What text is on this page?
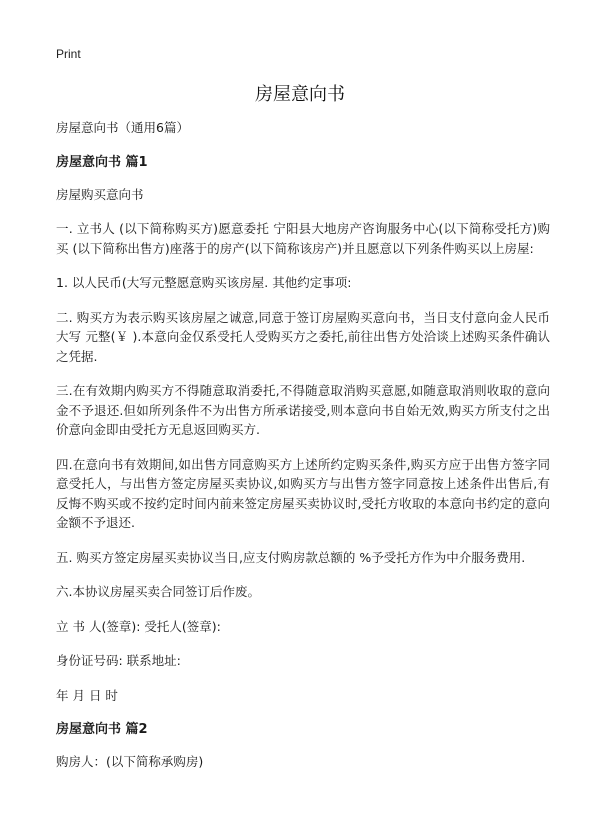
Print
房屋意向书

房屋意向书（通用6篇）

房屋意向书 篇1

房屋购买意向书

一. 立书人 (以下简称购买方)愿意委托 宁阳县大地房产咨询服务中心(以下简称受托方)购买 (以下简称出售方)座落于的房产(以下简称该房产)并且愿意以下列条件购买以上房屋:

1. 以人民币(大写元整愿意购买该房屋. 其他约定事项:

二. 购买方为表示购买该房屋之诚意,同意于签订房屋购买意向书，当日支付意向金人民币大写 元整(￥ ).本意向金仅系受托人受购买方之委托,前往出售方处洽谈上述购买条件确认之凭据.

三.在有效期内购买方不得随意取消委托,不得随意取消购买意愿,如随意取消则收取的意向金不予退还.但如所列条件不为出售方所承诺接受,则本意向书自始无效,购买方所支付之出价意向金即由受托方无息返回购买方.

四.在意向书有效期间,如出售方同意购买方上述所约定购买条件,购买方应于出售方签字同意受托人，与出售方签定房屋买卖协议,如购买方与出售方签字同意按上述条件出售后,有反悔不购买或不按约定时间内前来签定房屋买卖协议时,受托方收取的本意向书约定的意向金额不予退还.

五. 购买方签定房屋买卖协议当日,应支付购房款总额的 %予受托方作为中介服务费用.

六.本协议房屋买卖合同签订后作废。

立 书 人(签章): 受托人(签章):

身份证号码: 联系地址:

年 月 日 时

房屋意向书 篇2

购房人：(以下简称承购房)
